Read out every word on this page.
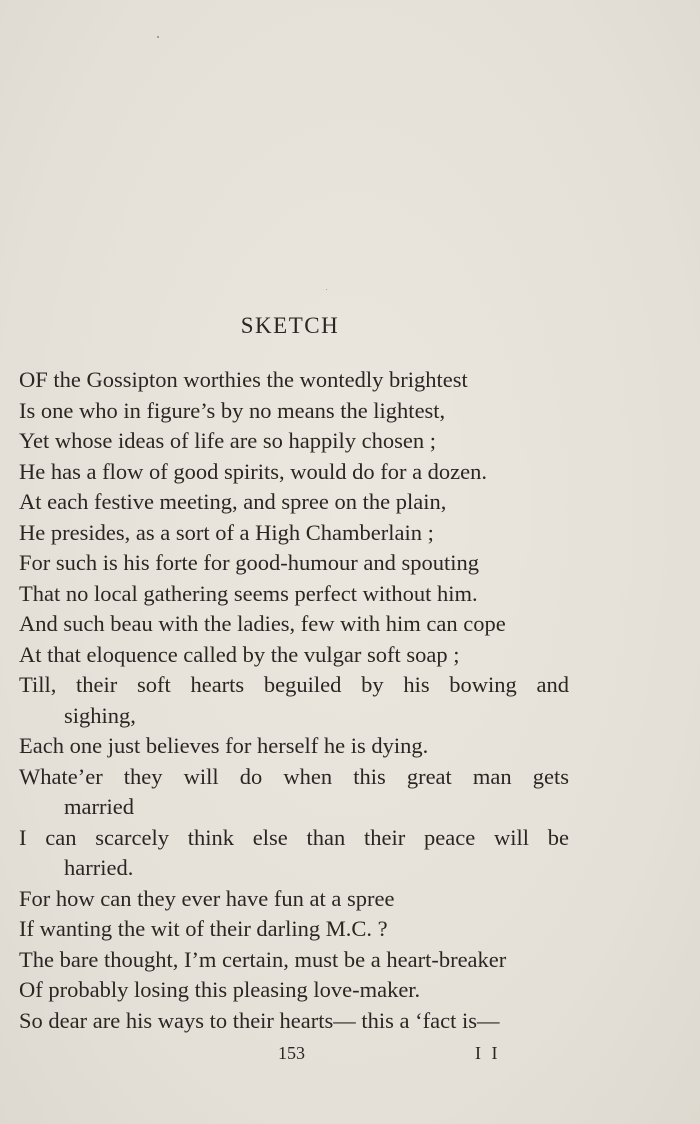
SKETCH
OF the Gossipton worthies the wontedly brightest
Is one who in figure’s by no means the lightest,
Yet whose ideas of life are so happily chosen ;
He has a flow of good spirits, would do for a dozen.
At each festive meeting, and spree on the plain,
He presides, as a sort of a High Chamberlain ;
For such is his forte for good-humour and spouting
That no local gathering seems perfect without him.
And such beau with the ladies, few with him can cope
At that eloquence called by the vulgar soft soap ;
Till, their soft hearts beguiled by his bowing and
sighing,
Each one just believes for herself he is dying.
Whate’er they will do when this great man gets
married
I can scarcely think else than their peace will be
harried.
For how can they ever have fun at a spree
If wanting the wit of their darling M.C. ?
The bare thought, I’m certain, must be a heart-breaker
Of probably losing this pleasing love-maker.
So dear are his ways to their hearts— this a ‘fact is—
153	I I
